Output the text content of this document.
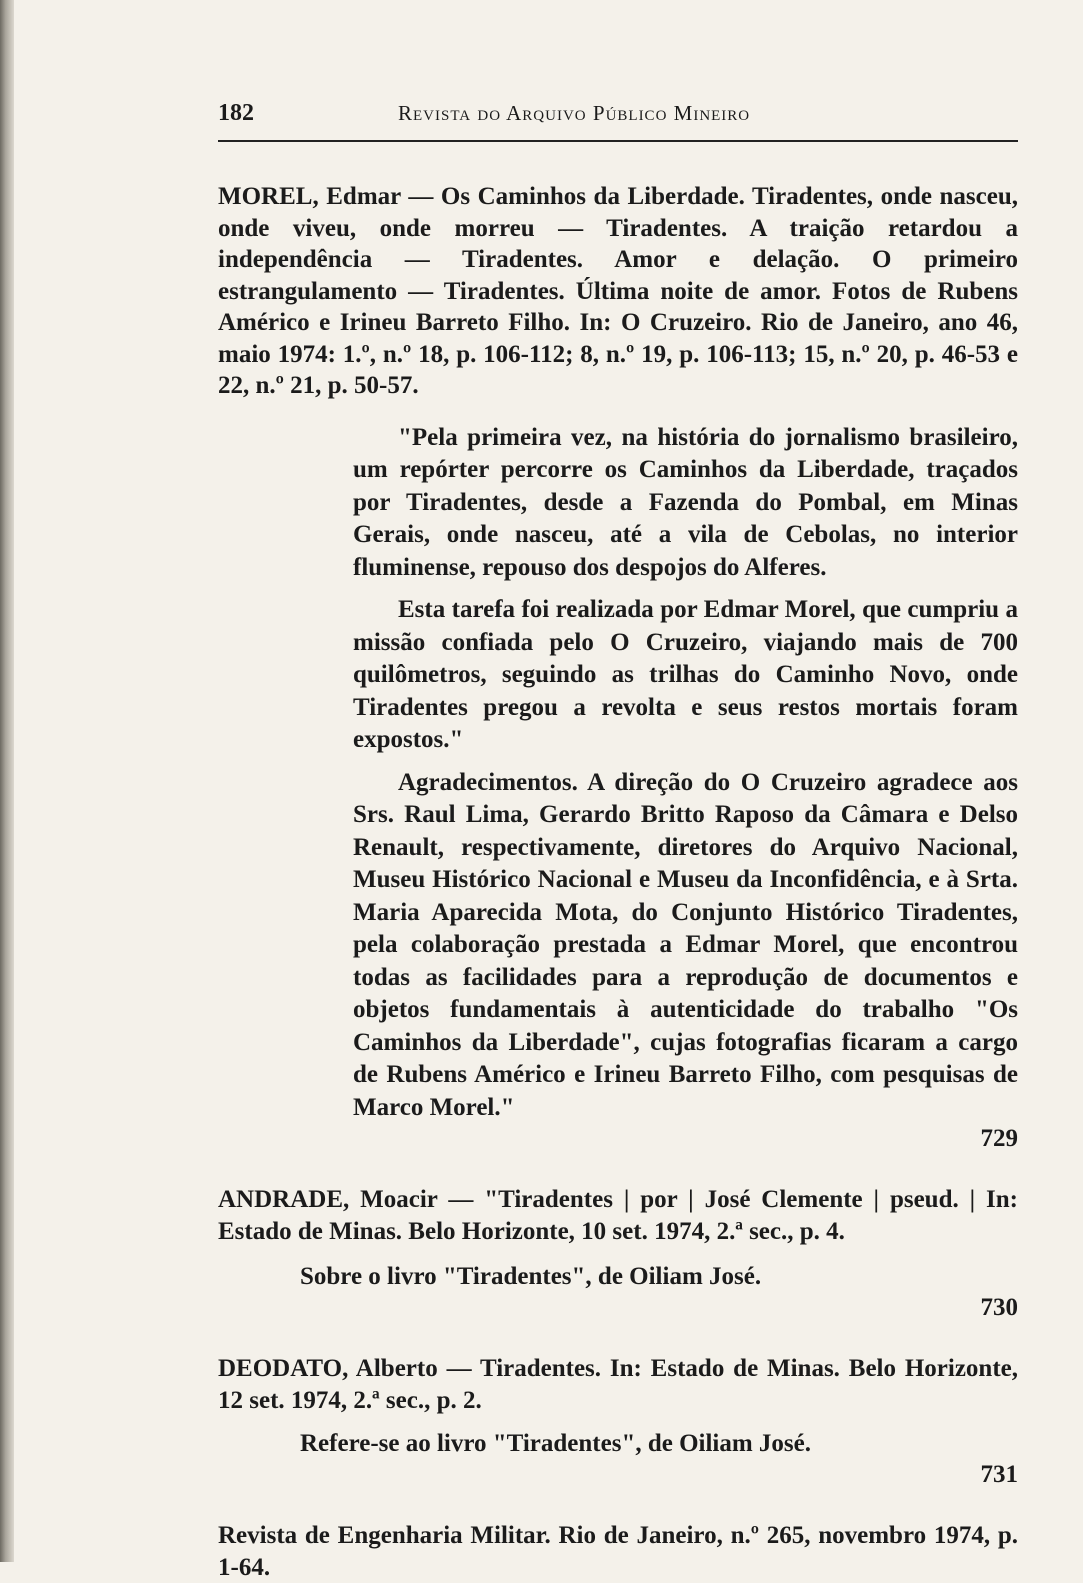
182	Revista do Arquivo Público Mineiro
MOREL, Edmar — Os Caminhos da Liberdade. Tiradentes, onde nasceu, onde viveu, onde morreu — Tiradentes. A traição retardou a independência — Tiradentes. Amor e delação. O primeiro estrangulamento — Tiradentes. Última noite de amor. Fotos de Rubens Américo e Irineu Barreto Filho. In: O Cruzeiro. Rio de Janeiro, ano 46, maio 1974: 1.º, n.º 18, p. 106-112; 8, n.º 19, p. 106-113; 15, n.º 20, p. 46-53 e 22, n.º 21, p. 50-57.

"Pela primeira vez, na história do jornalismo brasileiro, um repórter percorre os Caminhos da Liberdade, traçados por Tiradentes, desde a Fazenda do Pombal, em Minas Gerais, onde nasceu, até a vila de Cebolas, no interior fluminense, repouso dos despojos do Alferes.

Esta tarefa foi realizada por Edmar Morel, que cumpriu a missão confiada pelo O Cruzeiro, viajando mais de 700 quilômetros, seguindo as trilhas do Caminho Novo, onde Tiradentes pregou a revolta e seus restos mortais foram expostos."

Agradecimentos. A direção do O Cruzeiro agradece aos Srs. Raul Lima, Gerardo Britto Raposo da Câmara e Delso Renault, respectivamente, diretores do Arquivo Nacional, Museu Histórico Nacional e Museu da Inconfidência, e à Srta. Maria Aparecida Mota, do Conjunto Histórico Tiradentes, pela colaboração prestada a Edmar Morel, que encontrou todas as facilidades para a reprodução de documentos e objetos fundamentais à autenticidade do trabalho "Os Caminhos da Liberdade", cujas fotografias ficaram a cargo de Rubens Américo e Irineu Barreto Filho, com pesquisas de Marco Morel."

729
ANDRADE, Moacir — "Tiradentes | por | José Clemente | pseud. | In: Estado de Minas. Belo Horizonte, 10 set. 1974, 2.ª sec., p. 4.
Sobre o livro "Tiradentes", de Oiliam José.
730
DEODATO, Alberto — Tiradentes. In: Estado de Minas. Belo Horizonte, 12 set. 1974, 2.ª sec., p. 2.
Refere-se ao livro "Tiradentes", de Oiliam José.
731
Revista de Engenharia Militar. Rio de Janeiro, n.º 265, novembro 1974, p. 1-64.
